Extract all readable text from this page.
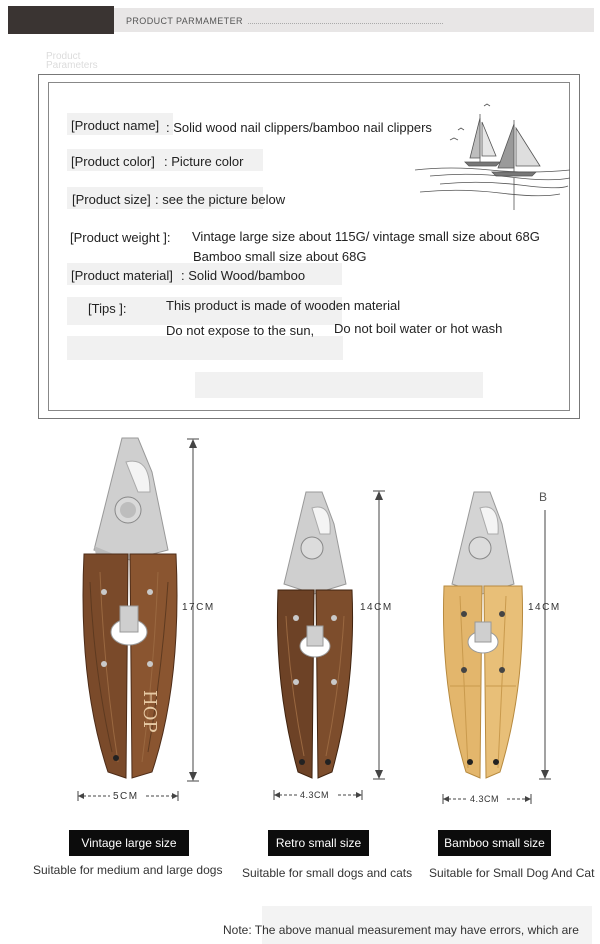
PRODUCT PARMAMETER
Product Parameters
[Product name] : Solid wood nail clippers/bamboo nail clippers
[Product color] : Picture color
[Product size] : see the picture below
[Product weight ]: Vintage large size about 115G/ vintage small size about 68G
Bamboo small size about 68G
[Product material] : Solid Wood/bamboo
[Tips ]:	This product is made of wooden material
Do not expose to the sun, Do not boil water or hot wash
HOP
17CM
5CM
14CM
4.3CM
B
14CM
4.3CM
Vintage large size	Retro small size	Bamboo small size
Suitable for medium and large dogs Suitable for small dogs and cats Suitable for Small Dog And Cat
Note: The above manual measurement may have errors, which are
